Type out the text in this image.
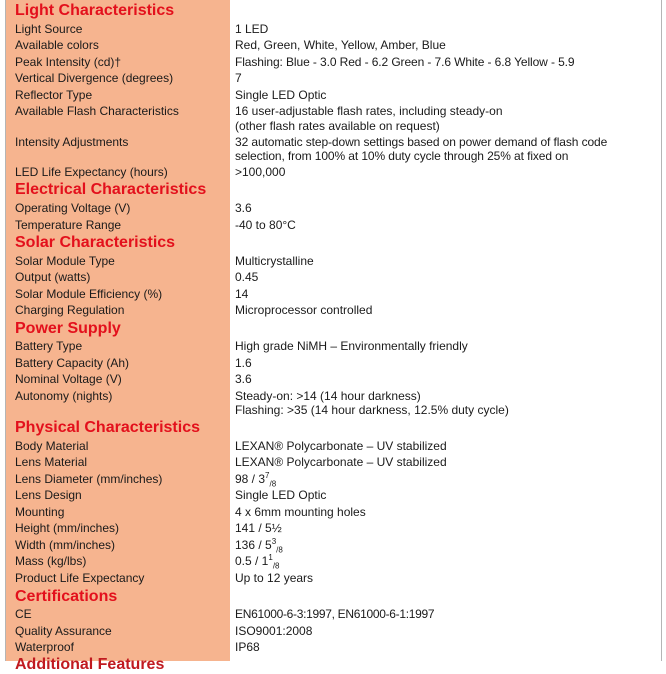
Light Characteristics
Light Source	1 LED
Available colors	Red, Green, White, Yellow, Amber, Blue
Peak Intensity (cd)†	Flashing: Blue - 3.0 Red - 6.2 Green - 7.6 White - 6.8 Yellow - 5.9
Vertical Divergence (degrees)	7
Reflector Type	Single LED Optic
Available Flash Characteristics	16 user-adjustable flash rates, including steady-on
(other flash rates available on request)
Intensity Adjustments	32 automatic step-down settings based on power demand of flash code
selection, from 100% at 10% duty cycle through 25% at fixed on
LED Life Expectancy (hours)	>100,000
Electrical Characteristics
Operating Voltage (V)	3.6
Temperature Range	-40 to 80°C
Solar Characteristics
Solar Module Type	Multicrystalline
Output (watts)	0.45
Solar Module Efficiency (%)	14
Charging Regulation	Microprocessor controlled
Power Supply
Battery Type	High grade NiMH – Environmentally friendly
Battery Capacity (Ah)	1.6
Nominal Voltage (V)	3.6
Autonomy (nights)	Steady-on: >14 (14 hour darkness)
Flashing: >35 (14 hour darkness, 12.5% duty cycle)
Physical Characteristics
Body Material	LEXAN® Polycarbonate – UV stabilized
Lens Material	LEXAN® Polycarbonate – UV stabilized
Lens Diameter (mm/inches)	$98 / 3^7_{/8}$
Lens Design	Single LED Optic
Mounting	4 x 6mm mounting holes
Height (mm/inches)	141 / 5½
Width (mm/inches)	$136 / 5^3_{/8}$
Mass (kg/lbs)	$0.5 / 1^1_{/8}$
Product Life Expectancy	Up to 12 years
Certifications
CE	EN61000-6-3:1997, EN61000-6-1:1997
Quality Assurance	ISO9001:2008
Waterproof	IP68
Additional Features
